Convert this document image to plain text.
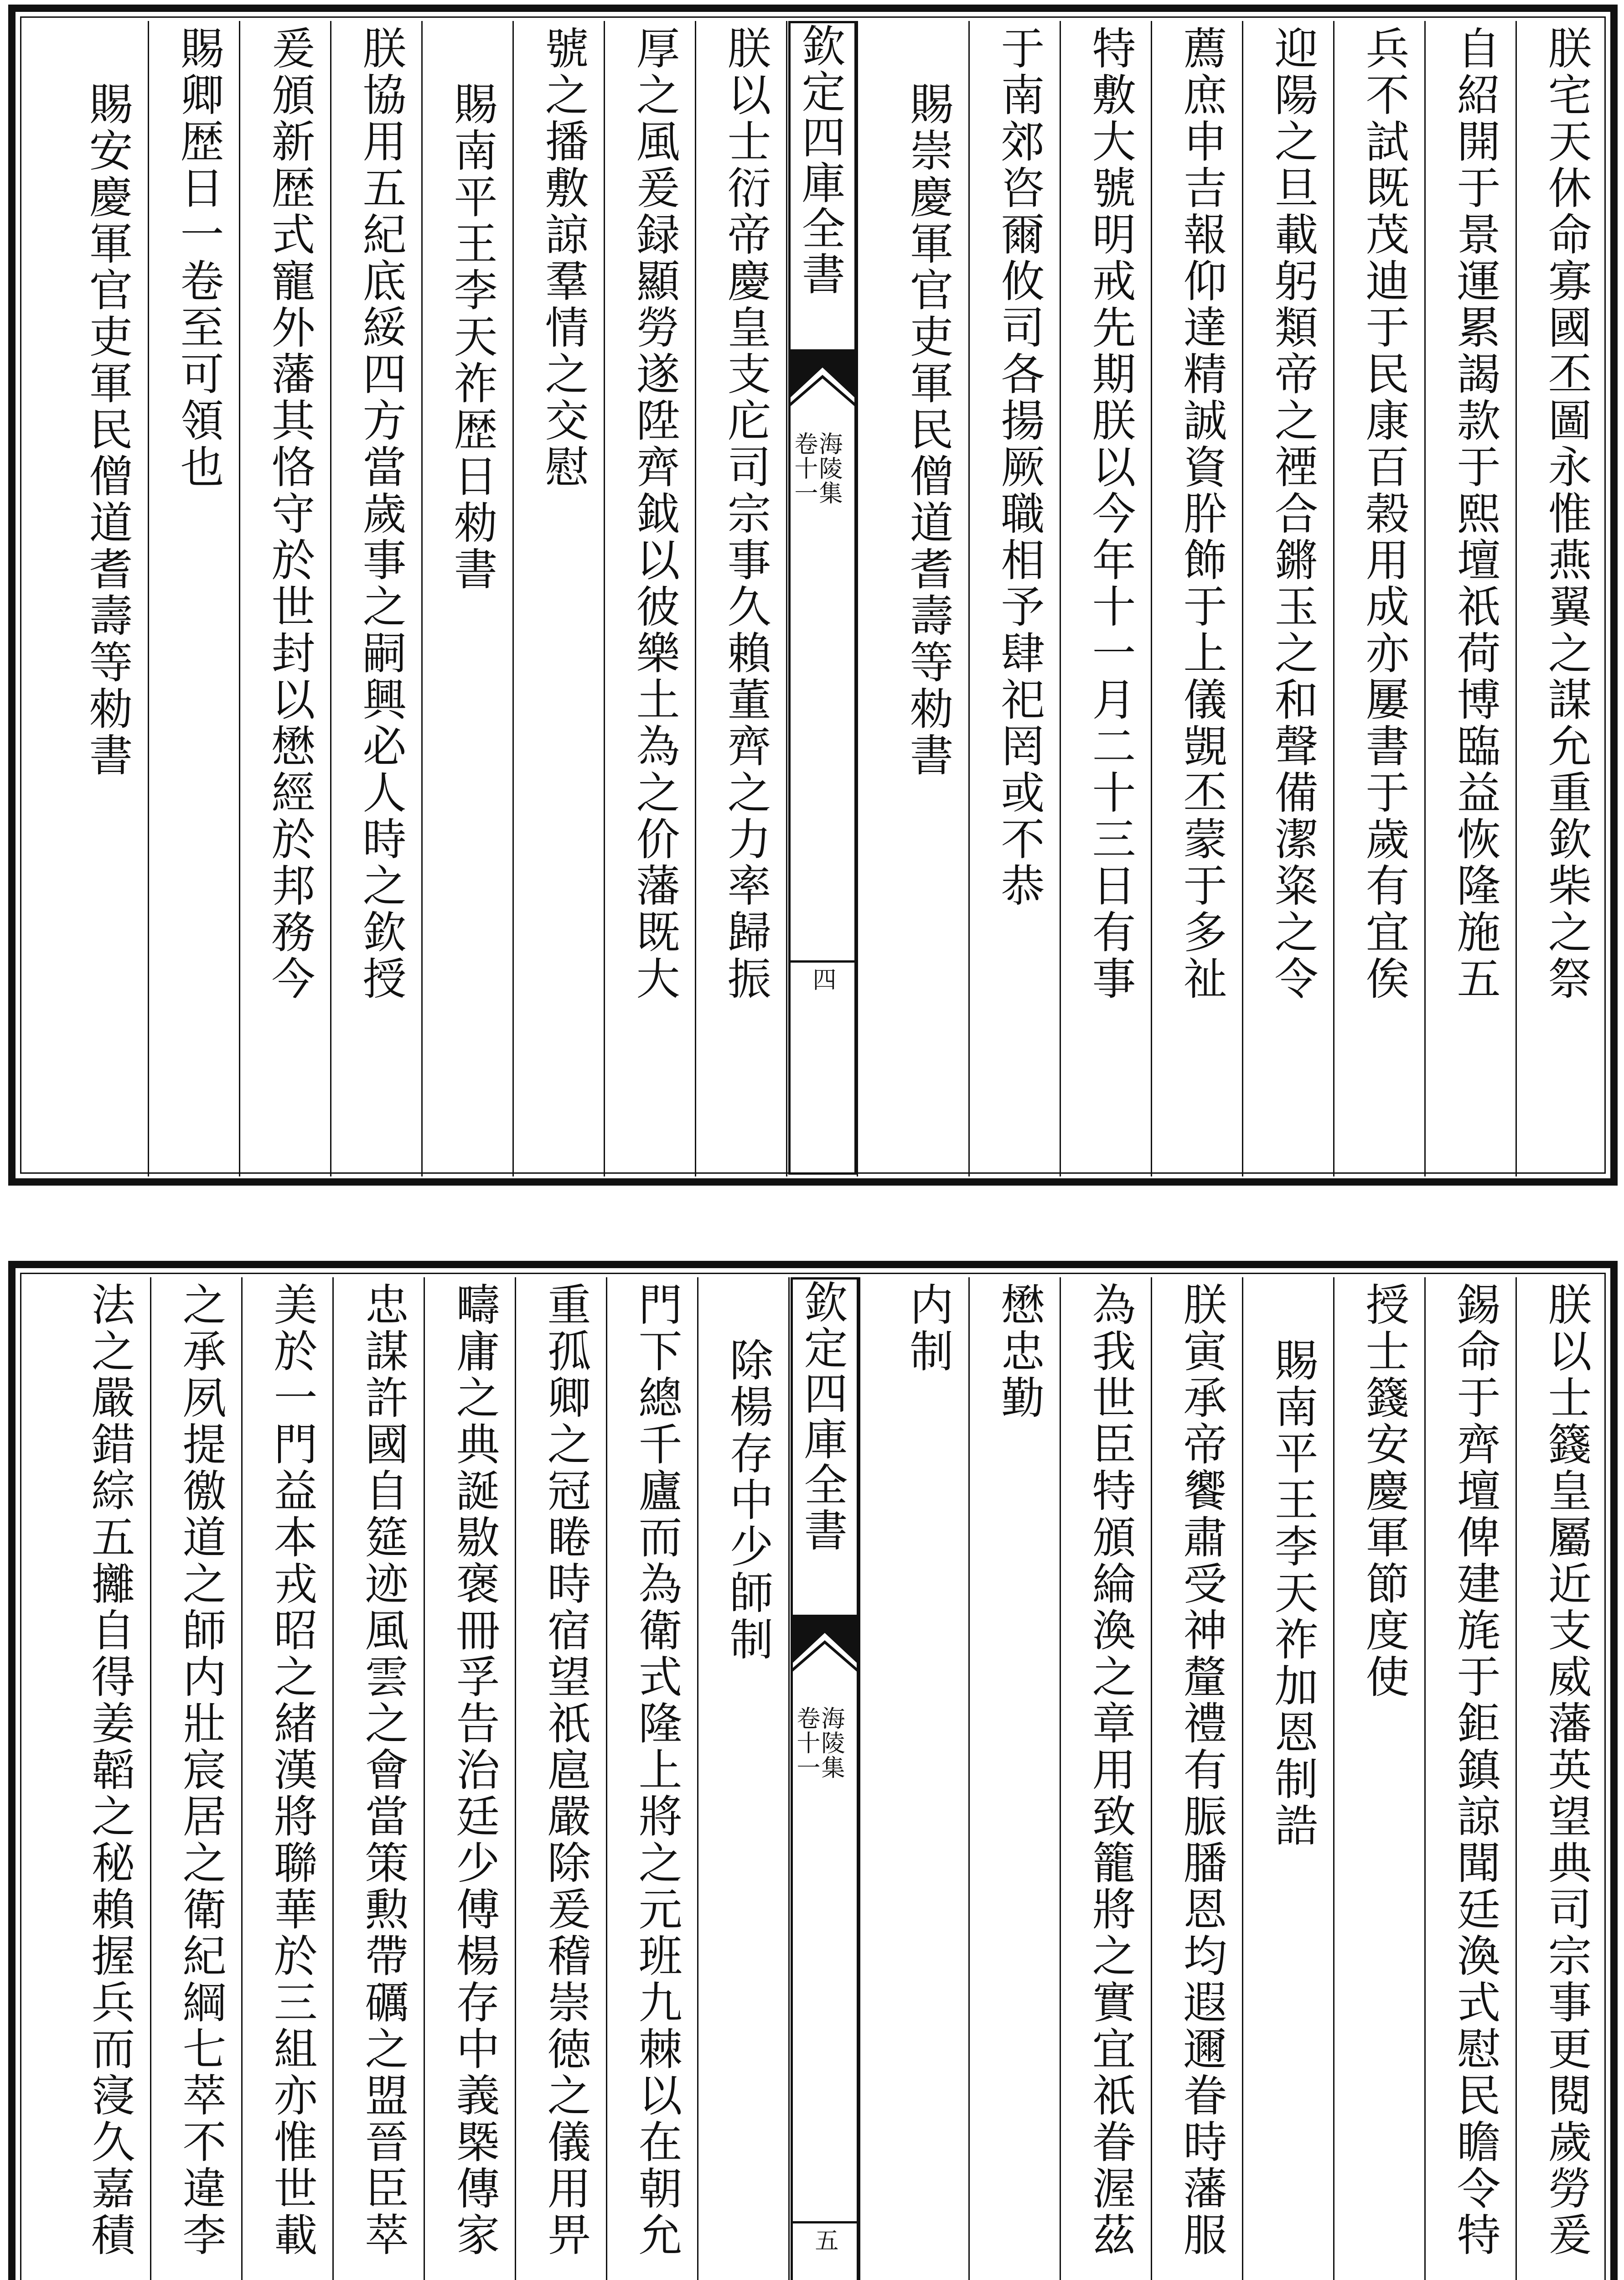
朕宅天休命寡國丕圖永惟燕翼之謀允重欽柴之祭
自紹開于景運累謁款于熙壇祇荷博臨益恢隆施五
兵不試既茂迪于民康百榖用成亦屢書于歲有宜俟
迎陽之旦載躬類帝之禋合鏘玉之和聲備潔粢之令
薦庶申吉報仰達精誠資肸飾于上儀覬丕蒙于多祉
特敷大號明戒先期朕以今年十一月二十三日有事
于南郊咨爾攸司各揚厥職相予肆祀罔或不恭
賜崇慶軍官吏軍民僧道耆壽等勑書
欽定四庫全書
海陵集
卷十一
四
朕以士衍帝慶皇支庀司宗事久賴董齊之力率歸振
厚之風爰録顯勞遂陞齊鉞以彼樂土為之价藩既大
號之播敷諒羣情之交慰
賜南平王李天祚歴日勑書
朕協用五紀底綏四方當歲事之嗣興必人時之欽授
爰頒新歴式寵外藩其恪守於世封以懋經於邦務今
賜卿歴日一卷至可領也
賜安慶軍官吏軍民僧道耆壽等勑書
朕以士籛皇屬近支威藩英望典司宗事更閱歲勞爰
錫命于齊壇俾建旄于鉅鎮諒聞廷渙式慰民瞻令特
授士籛安慶軍節度使
賜南平王李天祚加恩制誥
朕寅承帝饗肅受神釐禮有脤膰恩均遐邇眷時藩服
為我世臣特頒綸渙之章用致籠將之實宜祇眷渥茲
懋忠勤
内制
欽定四庫全書
海陵集
卷十一
五
除楊存中少師制
門下總千廬而為衛式隆上將之元班九棘以在朝允
重孤卿之冠睠時宿望祇扈嚴除爰稽崇徳之儀用畀
疇庸之典誕敭褒冊孚告治廷少傅楊存中義槩傳家
忠謀許國自筵迹風雲之會當策勲帶礪之盟晉臣萃
美於一門益本戎昭之緒漢將聯華於三組亦惟世載
之承夙提徼道之師内壯宸居之衛紀綱七萃不違李
法之嚴錯綜五攡自得姜韜之秘賴握兵而寖久嘉積
